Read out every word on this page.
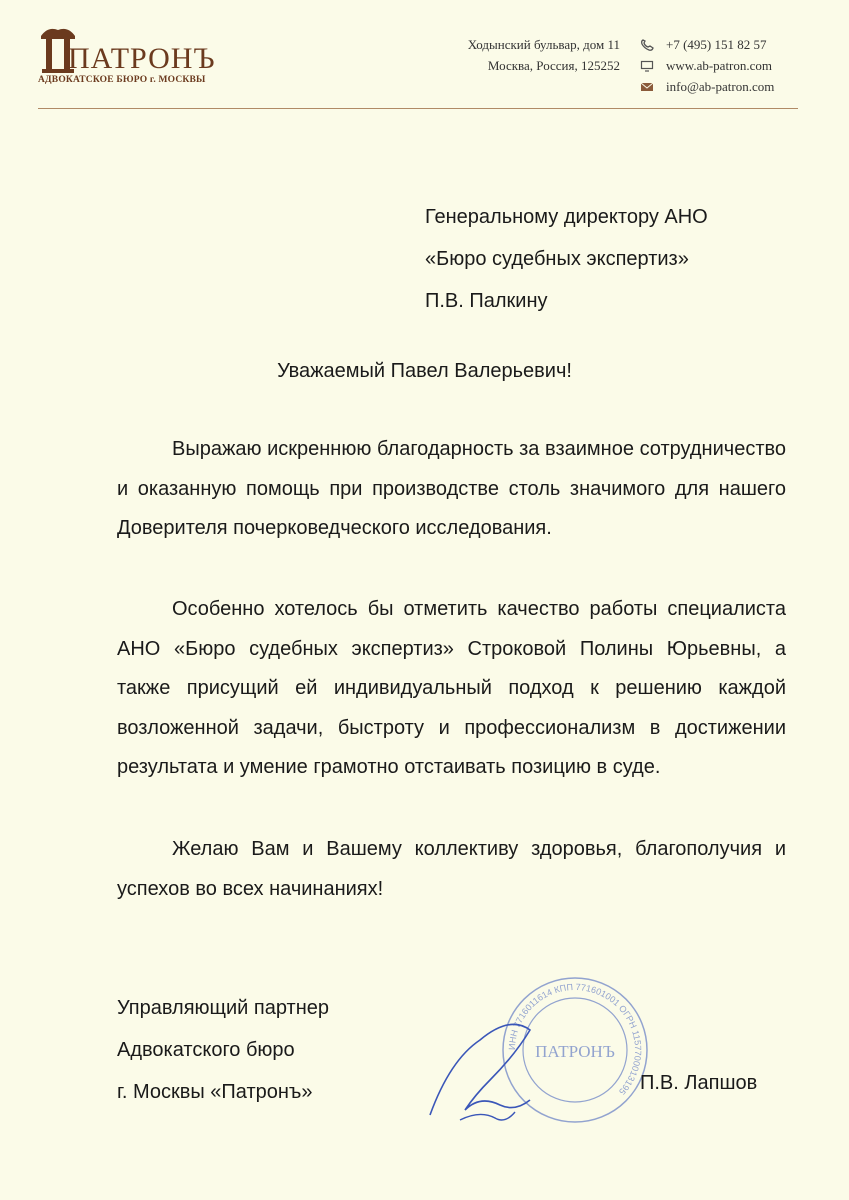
ПАТРОНЪ
АДВОКАТСКОЕ БЮРО г. МОСКВЫ
Ходынский бульвар, дом 11
Москва, Россия, 125252
+7 (495) 151 82 57
www.ab-patron.com
info@ab-patron.com
Генеральному директору АНО
«Бюро судебных экспертиз»
П.В. Палкину
Уважаемый Павел Валерьевич!
Выражаю искреннюю благодарность за взаимное сотрудничество и оказанную помощь при производстве столь значимого для нашего Доверителя почерковедческого исследования.
Особенно хотелось бы отметить качество работы специалиста АНО «Бюро судебных экспертиз» Строковой Полины Юрьевны, а также присущий ей индивидуальный подход к решению каждой возложенной задачи, быстроту и профессионализм в достижении результата и умение грамотно отстаивать позицию в суде.
Желаю Вам и Вашему коллективу здоровья, благополучия и успехов во всех начинаниях!
ИНН 7716011614 КПП 771601001 ОГРН 1157700013195
ПАТРОНЪ
Управляющий партнер
Адвокатского бюро
г. Москвы «Патронъ»	П.В. Лапшов
